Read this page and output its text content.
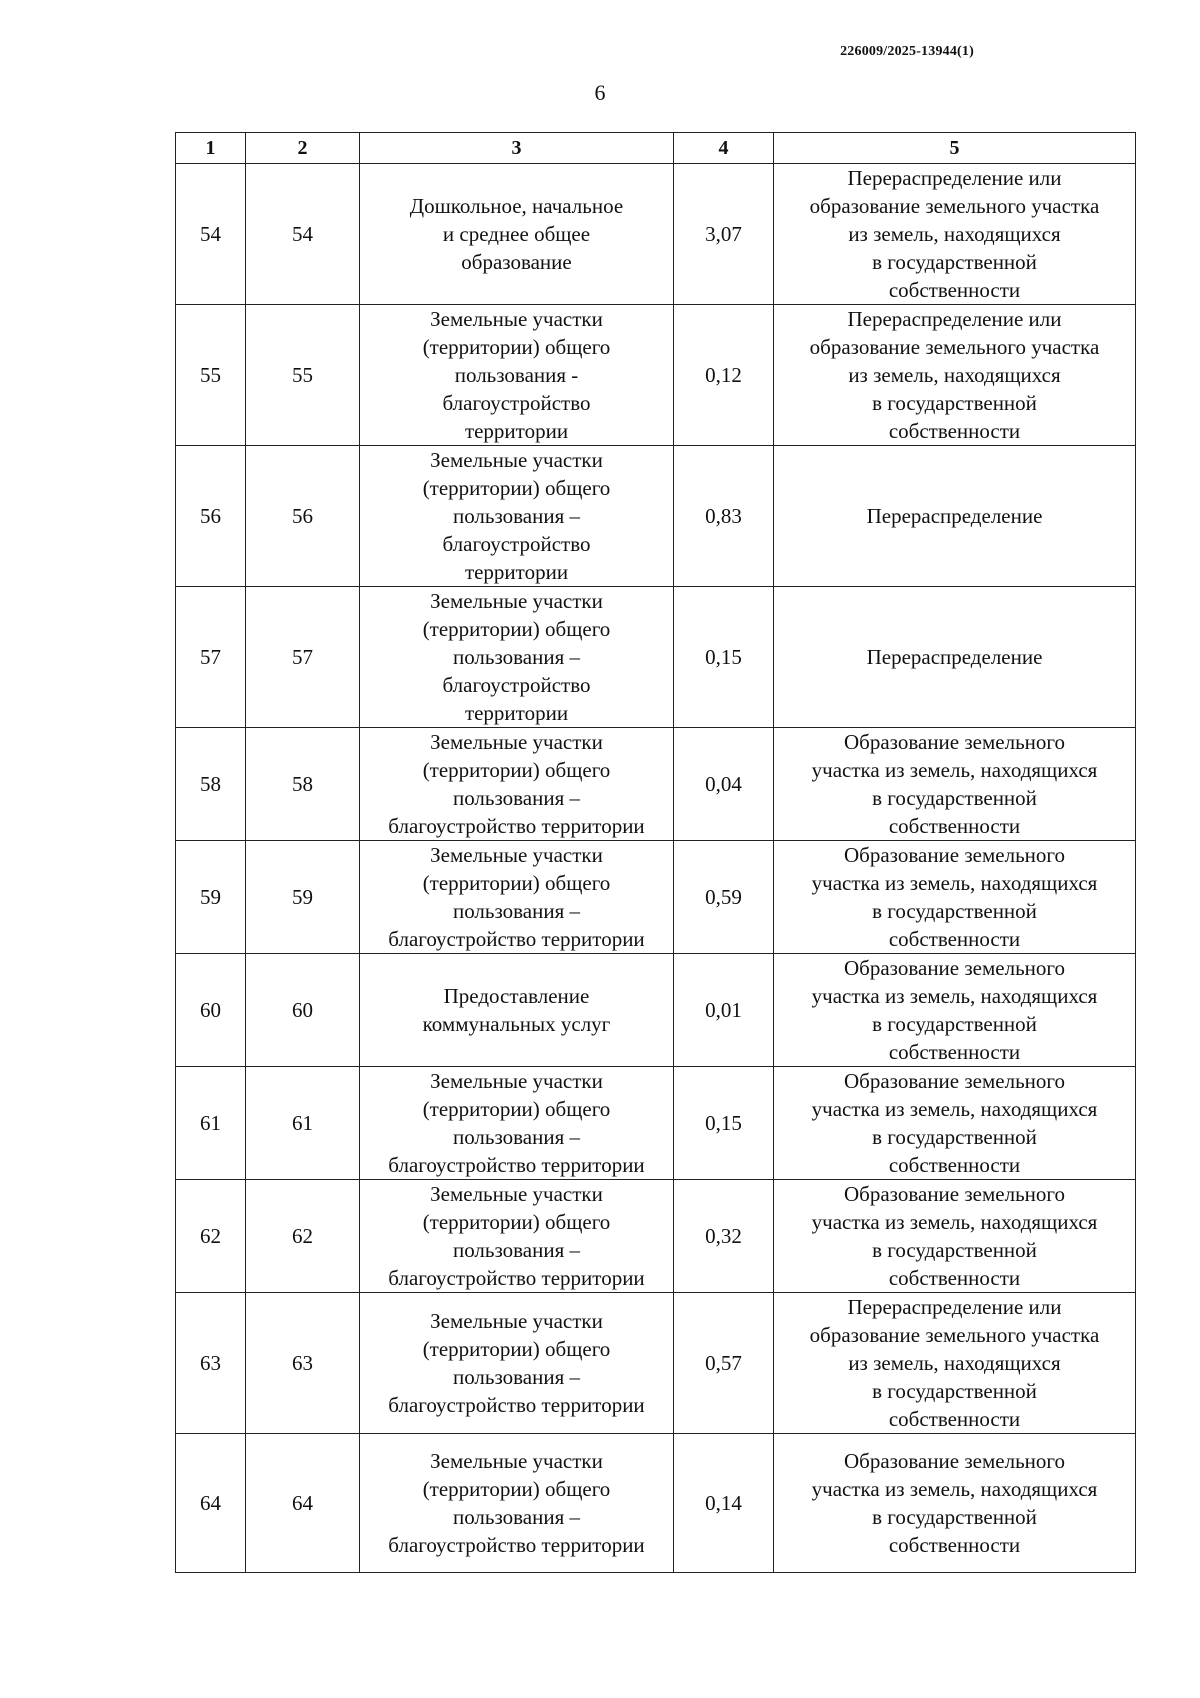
226009/2025-13944(1)
6
1	2	3	4	5
54	54	Дошкольное, начальное
и среднее общее
образование	3,07	Перераспределение или
образование земельного участка
из земель, находящихся
в государственной
собственности

55	55	Земельные участки
(территории) общего
пользования -
благоустройство
территории	0,12	Перераспределение или
образование земельного участка
из земель, находящихся
в государственной
собственности

56	56	Земельные участки
(территории) общего
пользования –
благоустройство
территории	0,83	Перераспределение

57	57	Земельные участки
(территории) общего
пользования –
благоустройство
территории	0,15	Перераспределение

58	58	Земельные участки
(территории) общего
пользования –
благоустройство территории	0,04	Образование земельного
участка из земель, находящихся
в государственной
собственности

59	59	Земельные участки
(территории) общего
пользования –
благоустройство территории	0,59	Образование земельного
участка из земель, находящихся
в государственной
собственности

60	60	Предоставление
коммунальных услуг	0,01	Образование земельного
участка из земель, находящихся
в государственной
собственности

61	61	Земельные участки
(территории) общего
пользования –
благоустройство территории	0,15	Образование земельного
участка из земель, находящихся
в государственной
собственности

62	62	Земельные участки
(территории) общего
пользования –
благоустройство территории	0,32	Образование земельного
участка из земель, находящихся
в государственной
собственности

63	63	Земельные участки
(территории) общего
пользования –
благоустройство территории	0,57	Перераспределение или
образование земельного участка
из земель, находящихся
в государственной
собственности

64	64	Земельные участки
(территории) общего
пользования –
благоустройство территории	0,14	Образование земельного
участка из земель, находящихся
в государственной
собственности
